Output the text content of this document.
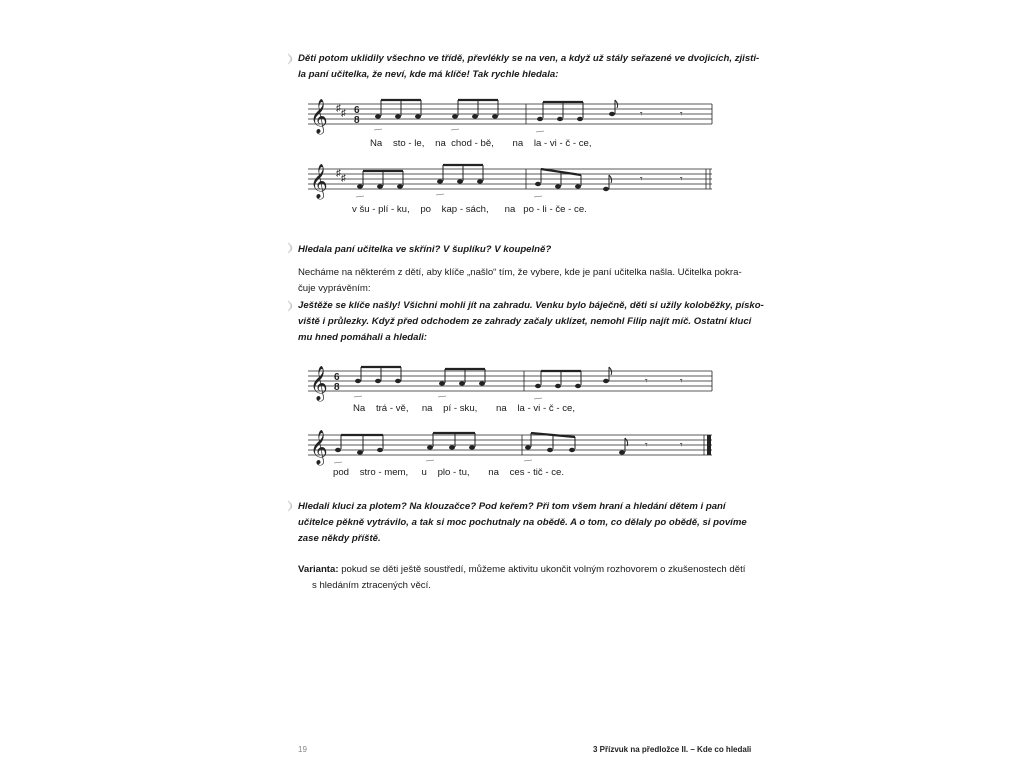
Děti potom uklidily všechno ve třídě, převlékly se na ven, a když už stály seřazené ve dvojicích, zjisti-
la paní učitelka, že neví, kde má klíče! Tak rychle hledala:
𝄞 ♯ ♯ 6
8
𝄾	𝄾
Na sto - le, na chod - bě, na la - vi - č - ce,
𝄞 ♯ ♯	𝄾	𝄾
v šu - plí - ku, po kap - sách, na po - li - če - ce.
Hledala paní učitelka ve skříni? V šuplíku? V koupelně?
Necháme na některém z dětí, aby klíče „našlo“ tím, že vybere, kde je paní učitelka našla. Učitelka pokra-
čuje vyprávěním:
Ještěže se klíče našly! Všichni mohli jít na zahradu. Venku bylo báječně, děti si užily koloběžky, písko-
viště i průlezky. Když před odchodem ze zahrady začaly uklízet, nemohl Filip najít míč. Ostatní kluci
mu hned pomáhali a hledali:
𝄞 6
8
𝄾	𝄾
Na trá - vě, na pí - sku, na la - vi - č - ce,
𝄞	𝄾	𝄾
pod stro - mem, u plo - tu, na ces - tič - ce.
Hledali kluci za plotem? Na klouzačce? Pod keřem? Při tom všem hraní a hledání dětem i paní
učitelce pěkně vytrávilo, a tak si moc pochutnaly na obědě. A o tom, co dělaly po obědě, si povíme
zase někdy příště.
Varianta: pokud se děti ještě soustředí, můžeme aktivitu ukončit volným rozhovorem o zkušenostech dětí
s hledáním ztracených věcí.
19	3 Přízvuk na předložce II. – Kde co hledali
